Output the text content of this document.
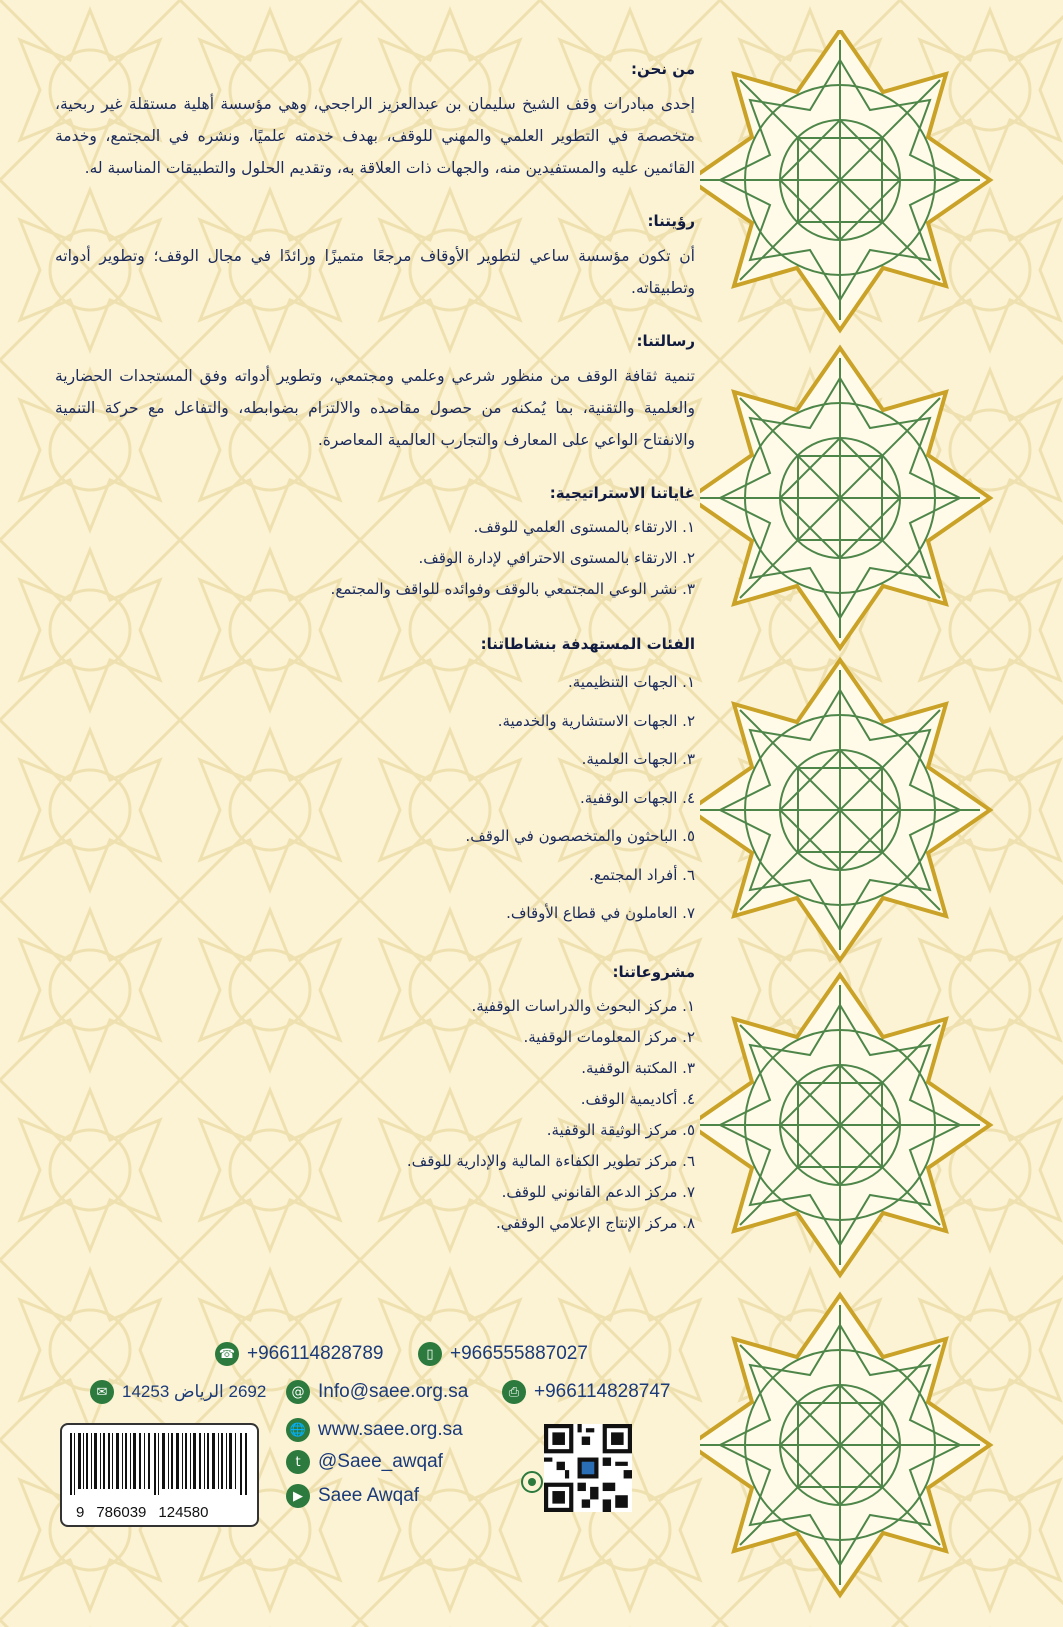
من نحن:

إحدى مبادرات وقف الشيخ سليمان بن عبدالعزيز الراجحي، وهي مؤسسة أهلية مستقلة غير ربحية، متخصصة في التطوير العلمي والمهني للوقف، بهدف خدمته علميًا، ونشره في المجتمع، وخدمة القائمين عليه والمستفيدين منه، والجهات ذات العلاقة به، وتقديم الحلول والتطبيقات المناسبة له.

رؤيتنا:

أن تكون مؤسسة ساعي لتطوير الأوقاف مرجعًا متميزًا ورائدًا في مجال الوقف؛ وتطوير أدواته وتطبيقاته.

رسالتنا:

تنمية ثقافة الوقف من منظور شرعي وعلمي ومجتمعي، وتطوير أدواته وفق المستجدات الحضارية والعلمية والتقنية، بما يُمكنه من حصول مقاصده والالتزام بضوابطه، والتفاعل مع حركة التنمية والانفتاح الواعي على المعارف والتجارب العالمية المعاصرة.

غاياتنا الاستراتيجية:
١. الارتقاء بالمستوى العلمي للوقف.
٢. الارتقاء بالمستوى الاحترافي لإدارة الوقف.
٣. نشر الوعي المجتمعي بالوقف وفوائده للواقف والمجتمع.
الفئات المستهدفة بنشاطاتنا:
١. الجهات التنظيمية.
٢. الجهات الاستشارية والخدمية.
٣. الجهات العلمية.
٤. الجهات الوقفية.
٥. الباحثون والمتخصصون في الوقف.
٦. أفراد المجتمع.
٧. العاملون في قطاع الأوقاف.
مشروعاتنا:
١. مركز البحوث والدراسات الوقفية.
٢. مركز المعلومات الوقفية.
٣. المكتبة الوقفية.
٤. أكاديمية الوقف.
٥. مركز الوثيقة الوقفية.
٦. مركز تطوير الكفاءة المالية والإدارية للوقف.
٧. مركز الدعم القانوني للوقف.
٨. مركز الإنتاج الإعلامي الوقفي.
☎ +966114828789	▯ +966555887027
✉ 2692 الرياض 14253	@ Info@saee.org.sa	⎙ +966114828747
🌐 www.saee.org.sa
t @Saee_awqaf
▶ Saee Awqaf
9 786039 124580
